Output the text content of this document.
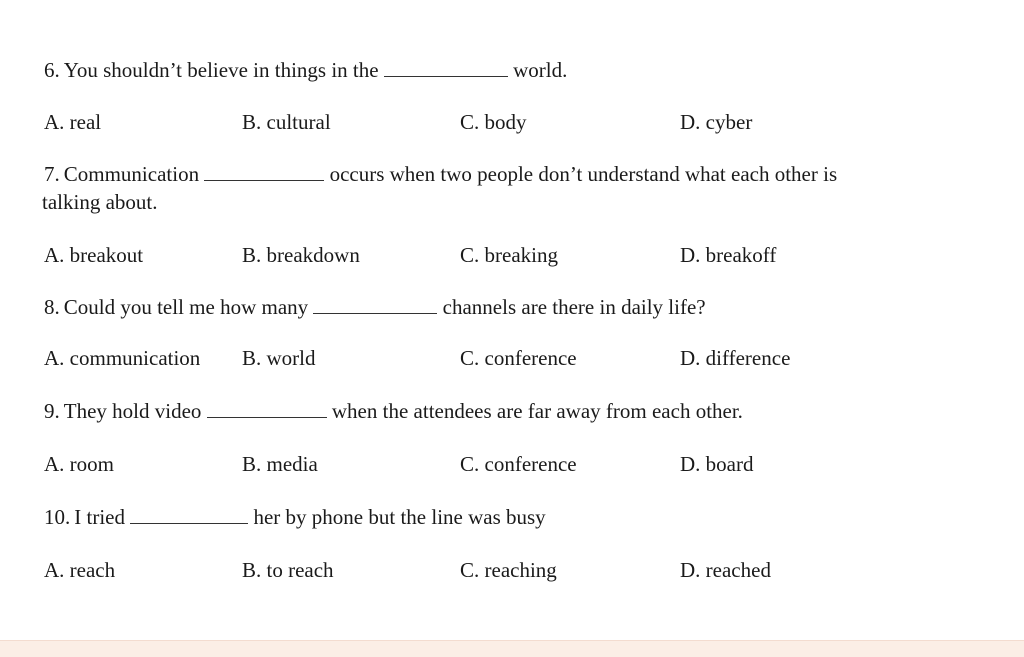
6. You shouldn’t believe in things in the	world.
A. real	B. cultural	C. body	D. cyber
7. Communication	occurs when two people don’t understand what each other is
talking about.
A. breakout	B. breakdown	C. breaking	D. breakoff
8. Could you tell me how many	channels are there in daily life?
A. communication B. world	C. conference	D. difference
9. They hold video	when the attendees are far away from each other.
A. room	B. media	C. conference	D. board
10. I tried	her by phone but the line was busy
A. reach	B. to reach	C. reaching	D. reached
